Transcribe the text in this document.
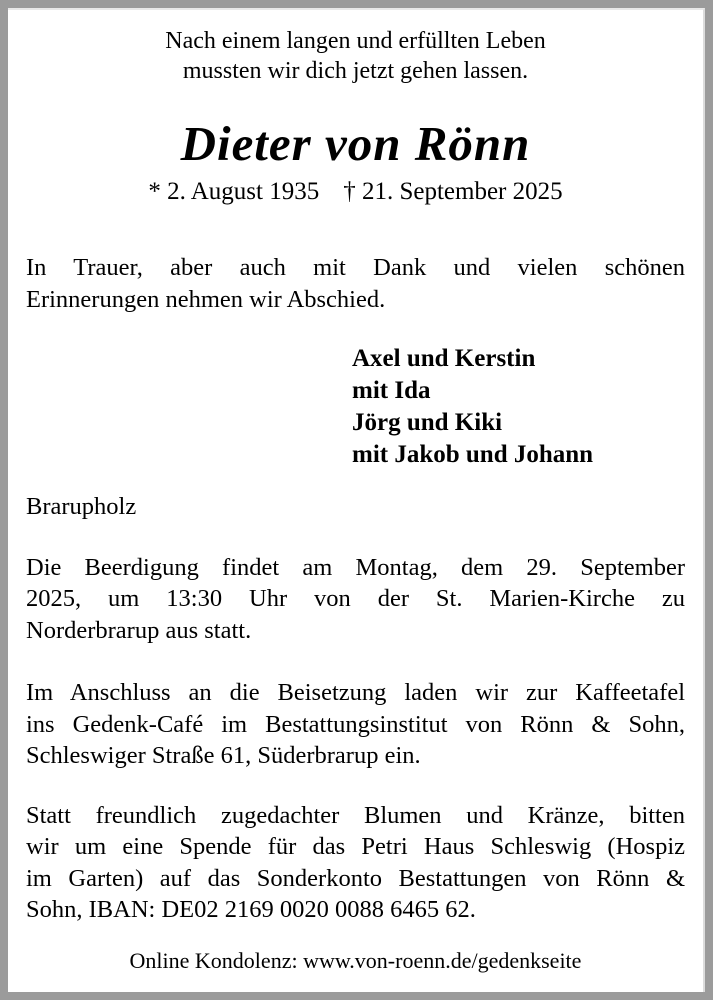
Nach einem langen und erfüllten Leben
mussten wir dich jetzt gehen lassen.
Dieter von Rönn
* 2. August 1935 † 21. September 2025
In Trauer, aber auch mit Dank und vielen schönen
Erinnerungen nehmen wir Abschied.
Axel und Kerstin
mit Ida
Jörg und Kiki
mit Jakob und Johann
Brarupholz
Die Beerdigung findet am Montag, dem 29. September
2025, um 13:30 Uhr von der St. Marien-Kirche zu
Norderbrarup aus statt.
Im Anschluss an die Beisetzung laden wir zur Kaffeetafel
ins Gedenk-Café im Bestattungsinstitut von Rönn & Sohn,
Schleswiger Straße 61, Süderbrarup ein.
Statt freundlich zugedachter Blumen und Kränze, bitten
wir um eine Spende für das Petri Haus Schleswig (Hospiz
im Garten) auf das Sonderkonto Bestattungen von Rönn &
Sohn, IBAN: DE02 2169 0020 0088 6465 62.
Online Kondolenz: www.von-roenn.de/gedenkseite
